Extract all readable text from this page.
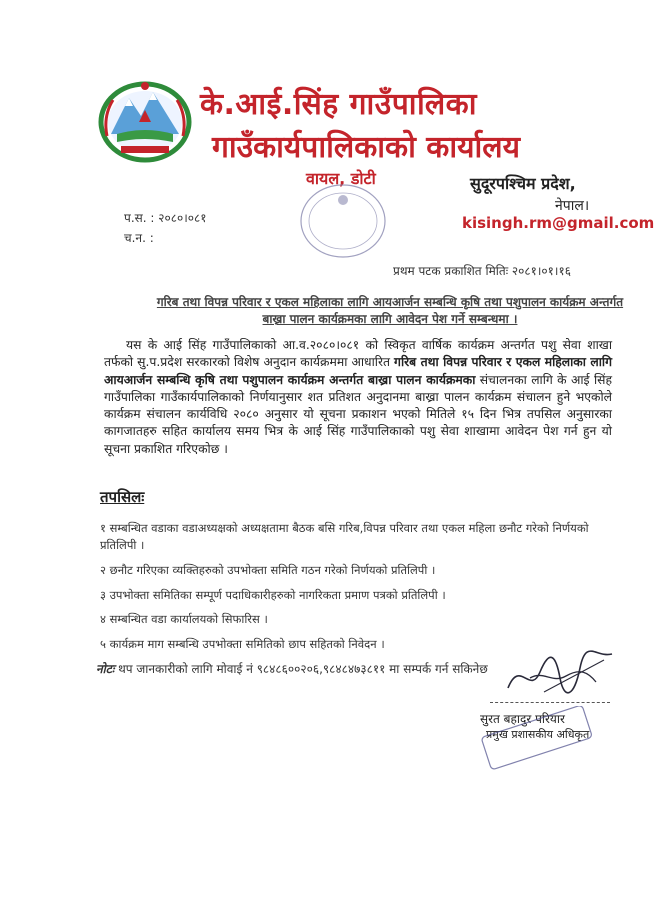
के.आई.सिंह गाउँपालिका
गाउँकार्यपालिकाको कार्यालय
वायल, डोटी	सुदूरपश्चिम प्रदेश,
नेपाल।
kisingh.rm@gmail.com
प.स. : २०८०।०८१
च.न. :
प्रथम पटक प्रकाशित मितिः २०८१।०१।१६
गरिब तथा विपन्न परिवार र एकल महिलाका लागि आयआर्जन सम्बन्धि कृषि तथा पशुपालन कार्यक्रम अन्तर्गत बाख्रा पालन कार्यक्रमका लागि आवेदन पेश गर्ने सम्बन्धमा ।
यस के आई सिंह गाउँपालिकाको आ.व.२०८०।०८१ को स्विकृत वार्षिक कार्यक्रम अन्तर्गत पशु सेवा शाखा तर्फको सु.प.प्रदेश सरकारको विशेष अनुदान कार्यक्रममा आधारित गरिब तथा विपन्न परिवार र एकल महिलाका लागि आयआर्जन सम्बन्धि कृषि तथा पशुपालन कार्यक्रम अन्तर्गत बाख्रा पालन कार्यक्रमका संचालनका लागि के आई सिंह गाउँपालिका गाउँकार्यपालिकाको निर्णयानुसार शत प्रतिशत अनुदानमा बाख्रा पालन कार्यक्रम संचालन हुने भएकोले कार्यक्रम संचालन कार्यविधि २०८० अनुसार यो सूचना प्रकाशन भएको मितिले १५ दिन भित्र तपसिल अनुसारका कागजातहरु सहित कार्यालय समय भित्र के आई सिंह गाउँपालिकाको पशु सेवा शाखामा आवेदन पेश गर्न हुन यो सूचना प्रकाशित गरिएकोछ ।
तपसिलः
१ सम्बन्धित वडाका वडाअध्यक्षको अध्यक्षतामा बैठक बसि गरिब,विपन्न परिवार तथा एकल महिला छनौट गरेको निर्णयको प्रतिलिपी ।
२ छनौट गरिएका व्यक्तिहरुको उपभोक्ता समिति गठन गरेको निर्णयको प्रतिलिपी ।
३ उपभोक्ता समितिका सम्पूर्ण पदाधिकारीहरुको नागरिकता प्रमाण पत्रको प्रतिलिपी ।
४ सम्बन्धित वडा कार्यालयको सिफारिस ।
५ कार्यक्रम माग सम्बन्धि उपभोक्ता समितिको छाप सहितको निवेदन ।
नोटः थप जानकारीको लागि मोवाई नं ९८४८६००२०६,९८४८४७३८११ मा सम्पर्क गर्न सकिनेछ
सुरत बहादुर परियार
प्रमुख प्रशासकीय अधिकृत
